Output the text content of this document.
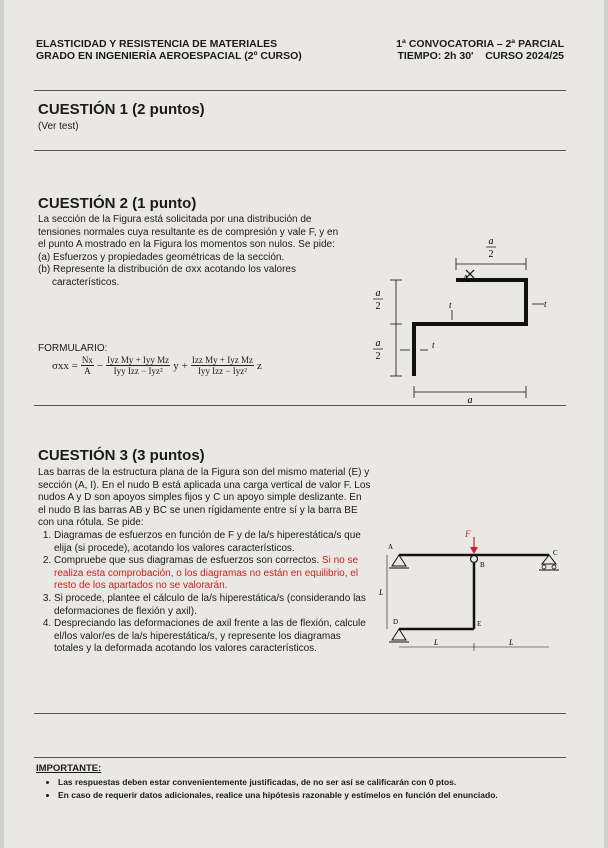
ELASTICIDAD Y RESISTENCIA DE MATERIALES
GRADO EN INGENIERÍA AEROESPACIAL (2º CURSO)
1ª CONVOCATORIA – 2ª PARCIAL
TIEMPO: 2h 30' CURSO 2024/25
CUESTIÓN 1 (2 puntos)
(Ver test)
CUESTIÓN 2 (1 punto)

La sección de la Figura está solicitada por una distribución de tensiones normales cuya resultante es de compresión y vale F, y en el punto A mostrado en la Figura los momentos son nulos. Se pide:

(a) Esfuerzos y propiedades geométricas de la sección.
(b) Represente la distribución de σxx acotando los valores característicos.
FORMULARIO:
$\sigma xx = \frac{Nx}{A} - \frac{\text{Iyz My + Iyy Mz}}{\text{Iyy Izz − Iyz²}}$ $y + \frac{\text{Izz My + Iyz Mz}}{\text{Iyy Izz − Iyz²}}$ z
a
2
a
2
a
2
a
A
t
t
t
CUESTIÓN 3 (3 puntos)

Las barras de la estructura plana de la Figura son del mismo material (E) y sección (A, I). En el nudo B está aplicada una carga vertical de valor F. Los nudos A y D son apoyos simples fijos y C un apoyo simple deslizante. En el nudo B las barras AB y BC se unen rígidamente entre sí y la barra BE con una rótula. Se pide:

1. Diagramas de esfuerzos en función de F y de la/s hiperestática/s que elija (si procede), acotando los valores característicos.
2. Compruebe que sus diagramas de esfuerzos son correctos. Si no se realiza esta comprobación, o los diagramas no están en equilibrio, el resto de los apartados no se valorarán.
3. Si procede, plantee el cálculo de la/s hiperestática/s (considerando las deformaciones de flexión y axil).
4. Despreciando las deformaciones de axil frente a las de flexión, calcule el/los valor/es de la/s hiperestática/s, y represente los diagramas totales y la deformada acotando los valores característicos.
F
A
B
C
D	E
L
L	L
IMPORTANTE:
• Las respuestas deben estar convenientemente justificadas, de no ser así se calificarán con 0 ptos.
• En caso de requerir datos adicionales, realice una hipótesis razonable y estímelos en función del enunciado.
